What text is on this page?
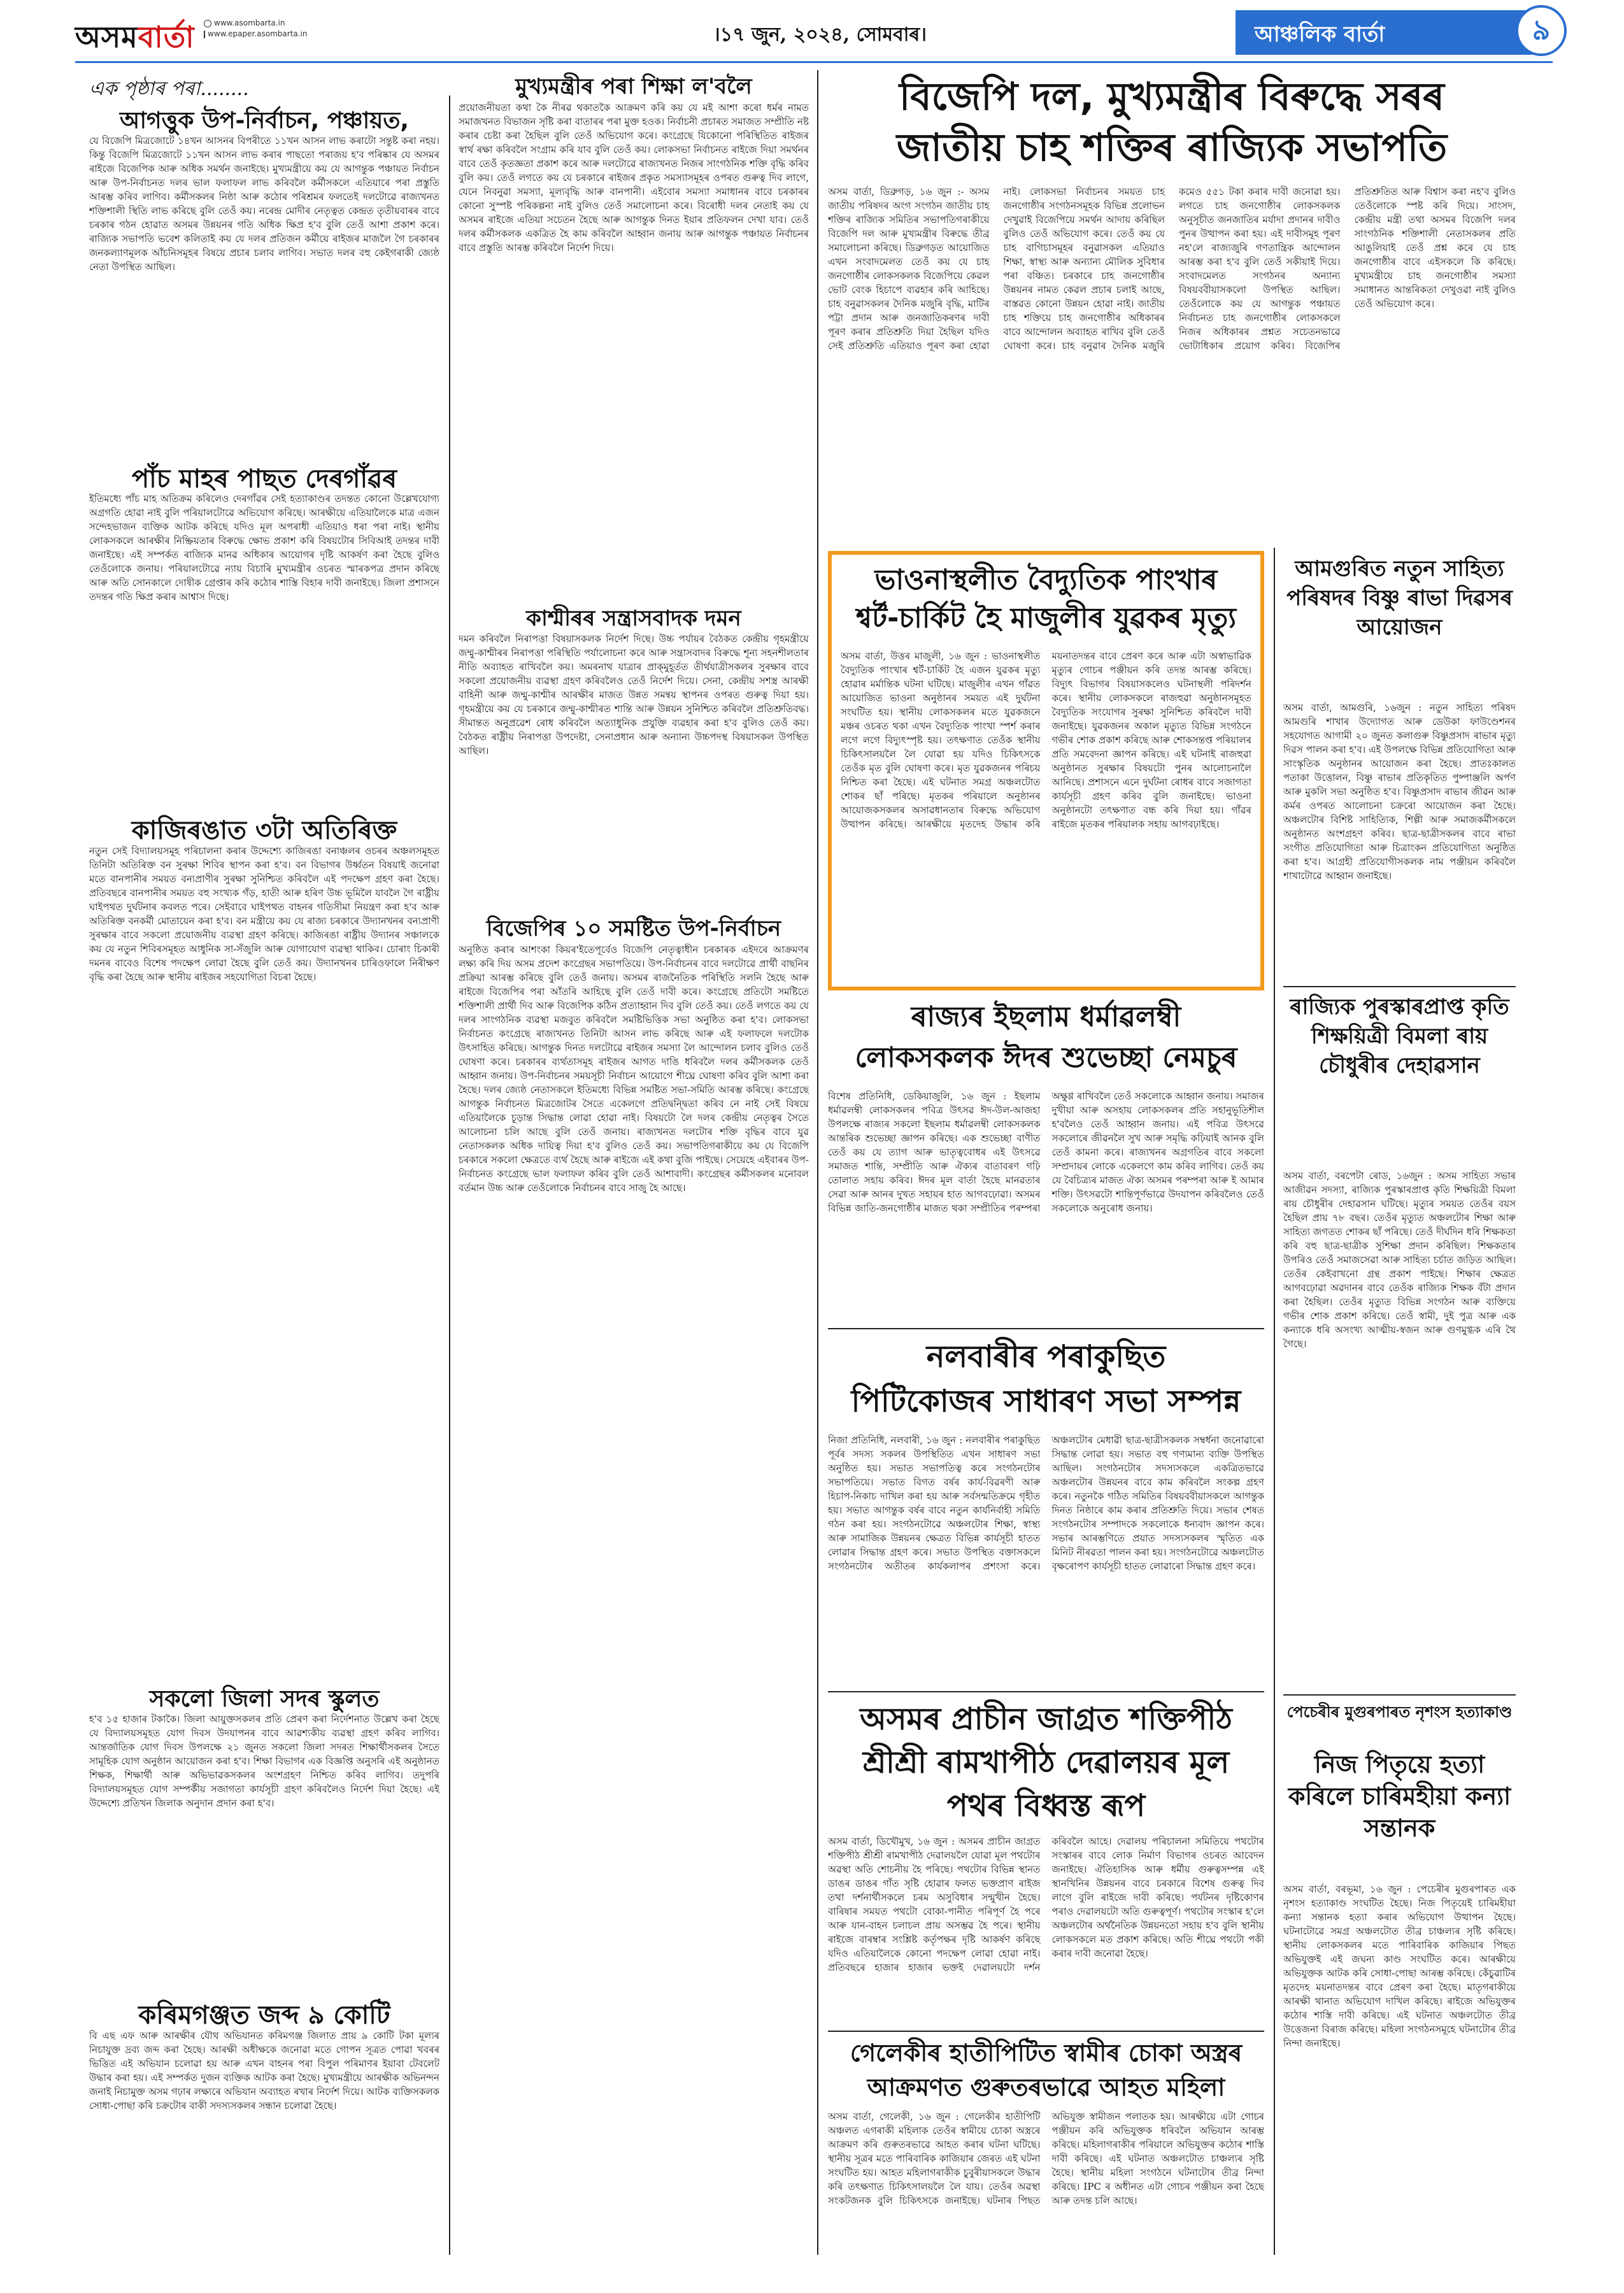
অসমবাৰ্তা	www.asombarta.in
www.epaper.asombarta.in	।১৭ জুন, ২০২৪, সোমবাৰ।	আঞ্চলিক বাৰ্তা	৯
এক পৃষ্ঠাৰ পৰা........
আগত্তুক উপ-নিৰ্বাচন, পঞ্চায়ত,
যে বিজেপি মিত্ৰজোটে ১৪খন আসনৰ বিপৰীতে ১১খন আসন লাভ কৰাটো সন্তুষ্ট কৰা নহয়। কিন্তু বিজেপি মিত্ৰজোটে ১১খন আসন লাভ কৰাৰ পাছতো পৰাজয় হ'ব পৰিষ্কাৰ যে অসমৰ ৰাইজে বিজেপিক আৰু অধিক সমৰ্থন জনাইছে। মুখ্যমন্ত্ৰীয়ে কয় যে আগন্তুক পঞ্চায়ত নিৰ্বাচন আৰু উপ-নিৰ্বাচনত দলৰ ভাল ফলাফল লাভ কৰিবলৈ কৰ্মীসকলে এতিয়াৰে পৰা প্ৰস্তুতি আৰম্ভ কৰিব লাগিব। কৰ্মীসকলৰ নিষ্ঠা আৰু কঠোৰ পৰিশ্ৰমৰ ফলতেই দলটোৱে ৰাজ্যখনত শক্তিশালী স্থিতি লাভ কৰিছে বুলি তেওঁ কয়। নৰেন্দ্ৰ মোদীৰ নেতৃত্বত কেন্দ্ৰত তৃতীয়বাৰৰ বাবে চৰকাৰ গঠন হোৱাত অসমৰ উন্নয়নৰ গতি অধিক ক্ষিপ্ৰ হ'ব বুলি তেওঁ আশা প্ৰকাশ কৰে। ৰাজ্যিক সভাপতি ভবেশ কলিতাই কয় যে দলৰ প্ৰতিজন কৰ্মীয়ে ৰাইজৰ মাজলৈ গৈ চৰকাৰৰ জনকল্যাণমূলক আঁচনিসমূহৰ বিষয়ে প্ৰচাৰ চলাব লাগিব। সভাত দলৰ বহু কেইগৰাকী জ্যেষ্ঠ নেতা উপস্থিত আছিল।
পাঁচ মাহৰ পাছত দেৰগাঁৱৰ
ইতিমধ্যে পাঁচ মাহ অতিক্ৰম কৰিলেও দেৰগাঁৱৰ সেই হত্যাকাণ্ডৰ তদন্তত কোনো উল্লেখযোগ্য অগ্ৰগতি হোৱা নাই বুলি পৰিয়ালটোৱে অভিযোগ কৰিছে। আৰক্ষীয়ে এতিয়ালৈকে মাত্ৰ এজন সন্দেহভাজন ব্যক্তিক আটক কৰিছে যদিও মূল অপৰাধী এতিয়াও ধৰা পৰা নাই। স্থানীয় লোকসকলে আৰক্ষীৰ নিষ্ক্ৰিয়তাৰ বিৰুদ্ধে ক্ষোভ প্ৰকাশ কৰি বিষয়টোৰ সিবিআই তদন্তৰ দাবী জনাইছে। এই সম্পৰ্কত ৰাজ্যিক মানৱ অধিকাৰ আয়োগৰ দৃষ্টি আকৰ্ষণ কৰা হৈছে বুলিও তেওঁলোকে জনায়। পৰিয়ালটোৱে ন্যায় বিচাৰি মুখ্যমন্ত্ৰীৰ ওচৰত স্মাৰকপত্ৰ প্ৰদান কৰিছে আৰু অতি সোনকালে দোষীক গ্ৰেপ্তাৰ কৰি কঠোৰ শাস্তি বিহাৰ দাবী জনাইছে। জিলা প্ৰশাসনে তদন্তৰ গতি ক্ষিপ্ৰ কৰাৰ আশ্বাস দিছে।
কাজিৰঙাত ৩টা অতিৰিক্ত
নতুন সেই বিদ্যালয়সমূহ পৰিচালনা কৰাৰ উদ্দেশ্যে কাজিৰঙা বনাঞ্চলৰ ওচৰৰ অঞ্চলসমূহত তিনিটা অতিৰিক্ত বন সুৰক্ষা শিবিৰ স্থাপন কৰা হ'ব। বন বিভাগৰ উৰ্ধ্বতন বিষয়াই জনোৱা মতে বানপানীৰ সময়ত বন্যপ্ৰাণীৰ সুৰক্ষা সুনিশ্চিত কৰিবলৈ এই পদক্ষেপ গ্ৰহণ কৰা হৈছে। প্ৰতিবছৰে বানপানীৰ সময়ত বহু সংখ্যক গঁড়, হাতী আৰু হৰিণ উচ্চ ভূমিলৈ যাবলৈ গৈ ৰাষ্ট্ৰীয় ঘাইপথত দুৰ্ঘটনাৰ কবলত পৰে। সেইবাবে ঘাইপথত বাহনৰ গতিসীমা নিয়ন্ত্ৰণ কৰা হ'ব আৰু অতিৰিক্ত বনকৰ্মী মোতায়েন কৰা হ'ব। বন মন্ত্ৰীয়ে কয় যে ৰাজ্য চৰকাৰে উদ্যানখনৰ বন্যপ্ৰাণী সুৰক্ষাৰ বাবে সকলো প্ৰয়োজনীয় ব্যৱস্থা গ্ৰহণ কৰিছে। কাজিৰঙা ৰাষ্ট্ৰীয় উদ্যানৰ সঞ্চালকে কয় যে নতুন শিবিৰসমূহত আধুনিক সা-সঁজুলি আৰু যোগাযোগ ব্যৱস্থা থাকিব। চোৰাং চিকাৰী দমনৰ বাবেও বিশেষ পদক্ষেপ লোৱা হৈছে বুলি তেওঁ কয়। উদ্যানখনৰ চাৰিওফালে নিৰীক্ষণ বৃদ্ধি কৰা হৈছে আৰু স্থানীয় ৰাইজৰ সহযোগিতা বিচৰা হৈছে।
সকলো জিলা সদৰ স্কুলত
হ'ব ১৫ হাজাৰ টকাকৈ। জিলা আয়ুক্তসকলৰ প্ৰতি প্ৰেৰণ কৰা নিৰ্দেশনাত উল্লেখ কৰা হৈছে যে বিদ্যালয়সমূহত যোগ দিবস উদযাপনৰ বাবে আৱশ্যকীয় ব্যৱস্থা গ্ৰহণ কৰিব লাগিব। আন্তৰ্জাতিক যোগ দিবস উপলক্ষে ২১ জুনত সকলো জিলা সদৰত শিক্ষাৰ্থীসকলৰ সৈতে সামূহিক যোগ অনুষ্ঠান আয়োজন কৰা হ'ব। শিক্ষা বিভাগৰ এক বিজ্ঞপ্তি অনুসৰি এই অনুষ্ঠানত শিক্ষক, শিক্ষাৰ্থী আৰু অভিভাৱকসকলৰ অংশগ্ৰহণ নিশ্চিত কৰিব লাগিব। তদুপৰি বিদ্যালয়সমূহত যোগ সম্পৰ্কীয় সজাগতা কাৰ্যসূচী গ্ৰহণ কৰিবলৈও নিৰ্দেশ দিয়া হৈছে। এই উদ্দেশ্যে প্ৰতিখন জিলাক অনুদান প্ৰদান কৰা হ'ব।
কৰিমগঞ্জত জব্দ ৯ কোটি
বি এছ এফ আৰু আৰক্ষীৰ যৌথ অভিযানত কৰিমগঞ্জ জিলাত প্ৰায় ৯ কোটি টকা মূল্যৰ নিচাযুক্ত দ্ৰব্য জব্দ কৰা হৈছে। আৰক্ষী অধীক্ষকে জনোৱা মতে গোপন সূত্ৰত পোৱা খবৰৰ ভিত্তিত এই অভিযান চলোৱা হয় আৰু এখন বাহনৰ পৰা বিপুল পৰিমাণৰ ইয়াবা টেবলেট উদ্ধাৰ কৰা হয়। এই সম্পৰ্কত দুজন ব্যক্তিক আটক কৰা হৈছে। মুখ্যমন্ত্ৰীয়ে আৰক্ষীক অভিনন্দন জনাই নিচামুক্ত অসম গঢ়াৰ লক্ষ্যৰে অভিযান অব্যাহত ৰখাৰ নিৰ্দেশ দিয়ে। আটক ব্যক্তিসকলক সোধা-পোছা কৰি চক্ৰটোৰ বাকী সদস্যসকলৰ সন্ধান চলোৱা হৈছে।
মুখ্যমন্ত্ৰীৰ পৰা শিক্ষা ল'বলৈ
প্ৰয়োজনীয়তা কথা কৈ নীৰৱ থকাতকৈ আক্ৰমণ কৰি কয় যে মই আশা কৰো ধৰ্মৰ নামত সমাজখনত বিভাজন সৃষ্টি কৰা বাতাৰৰ পৰা মুক্ত হওক। নিৰ্বাচনী প্ৰচাৰত সমাজত সম্প্ৰীতি নষ্ট কৰাৰ চেষ্টা কৰা হৈছিল বুলি তেওঁ অভিযোগ কৰে। কংগ্ৰেছে যিকোনো পৰিস্থিতিত ৰাইজৰ স্বাৰ্থ ৰক্ষা কৰিবলৈ সংগ্ৰাম কৰি যাব বুলি তেওঁ কয়। লোকসভা নিৰ্বাচনত ৰাইজে দিয়া সমৰ্থনৰ বাবে তেওঁ কৃতজ্ঞতা প্ৰকাশ কৰে আৰু দলটোৱে ৰাজ্যখনত নিজৰ সাংগঠনিক শক্তি বৃদ্ধি কৰিব বুলি কয়। তেওঁ লগতে কয় যে চৰকাৰে ৰাইজৰ প্ৰকৃত সমস্যাসমূহৰ ওপৰত গুৰুত্ব দিব লাগে, যেনে নিবনুৱা সমস্যা, মূল্যবৃদ্ধি আৰু বানপানী। এইবোৰ সমস্যা সমাধানৰ বাবে চৰকাৰৰ কোনো সুস্পষ্ট পৰিকল্পনা নাই বুলিও তেওঁ সমালোচনা কৰে। বিৰোধী দলৰ নেতাই কয় যে অসমৰ ৰাইজে এতিয়া সচেতন হৈছে আৰু আগন্তুক দিনত ইয়াৰ প্ৰতিফলন দেখা যাব। তেওঁ দলৰ কৰ্মীসকলক একত্ৰিত হৈ কাম কৰিবলৈ আহ্বান জনায় আৰু আগন্তুক পঞ্চায়ত নিৰ্বাচনৰ বাবে প্ৰস্তুতি আৰম্ভ কৰিবলৈ নিৰ্দেশ দিয়ে।
কাশ্মীৰৰ সন্ত্ৰাসবাদক দমন
দমন কৰিবলৈ নিৰাপত্তা বিষয়াসকলক নিৰ্দেশ দিছে। উচ্চ পৰ্যায়ৰ বৈঠকত কেন্দ্ৰীয় গৃহমন্ত্ৰীয়ে জম্মু-কাশ্মীৰৰ নিৰাপত্তা পৰিস্থিতি পৰ্যালোচনা কৰে আৰু সন্ত্ৰাসবাদৰ বিৰুদ্ধে শূন্য সহনশীলতাৰ নীতি অব্যাহত ৰাখিবলৈ কয়। অমৰনাথ যাত্ৰাৰ প্ৰাক্‌মুহূৰ্তত তীৰ্থযাত্ৰীসকলৰ সুৰক্ষাৰ বাবে সকলো প্ৰয়োজনীয় ব্যৱস্থা গ্ৰহণ কৰিবলৈও তেওঁ নিৰ্দেশ দিয়ে। সেনা, কেন্দ্ৰীয় সশস্ত্ৰ আৰক্ষী বাহিনী আৰু জম্মু-কাশ্মীৰ আৰক্ষীৰ মাজত উন্নত সমন্বয় স্থাপনৰ ওপৰত গুৰুত্ব দিয়া হয়। গৃহমন্ত্ৰীয়ে কয় যে চৰকাৰে জম্মু-কাশ্মীৰত শান্তি আৰু উন্নয়ন সুনিশ্চিত কৰিবলৈ প্ৰতিশ্ৰুতিবদ্ধ। সীমান্তত অনুপ্ৰৱেশ ৰোধ কৰিবলৈ অত্যাধুনিক প্ৰযুক্তি ব্যৱহাৰ কৰা হ'ব বুলিও তেওঁ কয়। বৈঠকত ৰাষ্ট্ৰীয় নিৰাপত্তা উপদেষ্টা, সেনাপ্ৰধান আৰু অন্যান্য উচ্চপদস্থ বিষয়াসকল উপস্থিত আছিল।
বিজেপিৰ ১০ সমষ্টিত উপ-নিৰ্বাচন
অনুষ্ঠিত কৰাৰ আশংকা কিয়ৰ'ইতেপূৰ্বেও বিজেপি নেতৃত্বাধীন চৰকাৰক এইদৰে আক্ৰমণৰ লক্ষ্য কৰি দিয় অসম প্ৰদেশ কংগ্ৰেছৰ সভাপতিয়ে। উপ-নিৰ্বাচনৰ বাবে দলটোৱে প্ৰাৰ্থী বাছনিৰ প্ৰক্ৰিয়া আৰম্ভ কৰিছে বুলি তেওঁ জনায়। অসমৰ ৰাজনৈতিক পৰিস্থিতি সলনি হৈছে আৰু ৰাইজে বিজেপিৰ পৰা আঁতৰি আহিছে বুলি তেওঁ দাবী কৰে। কংগ্ৰেছে প্ৰতিটো সমষ্টিতে শক্তিশালী প্ৰাৰ্থী দিব আৰু বিজেপিক কঠিন প্ৰত্যাহ্বান দিব বুলি তেওঁ কয়। তেওঁ লগতে কয় যে দলৰ সাংগঠনিক ব্যৱস্থা মজবুত কৰিবলৈ সমষ্টিভিত্তিক সভা অনুষ্ঠিত কৰা হ'ব। লোকসভা নিৰ্বাচনত কংগ্ৰেছে ৰাজ্যখনত তিনিটা আসন লাভ কৰিছে আৰু এই ফলাফলে দলটোক উৎসাহিত কৰিছে। আগন্তুক দিনত দলটোৱে ৰাইজৰ সমস্যা লৈ আন্দোলন চলাব বুলিও তেওঁ ঘোষণা কৰে। চৰকাৰৰ ব্যৰ্থতাসমূহ ৰাইজৰ আগত দাঙি ধৰিবলৈ দলৰ কৰ্মীসকলক তেওঁ আহ্বান জনায়। উপ-নিৰ্বাচনৰ সময়সূচী নিৰ্বাচন আয়োগে শীঘ্ৰে ঘোষণা কৰিব বুলি আশা কৰা হৈছে। দলৰ জ্যেষ্ঠ নেতাসকলে ইতিমধ্যে বিভিন্ন সমষ্টিত সভা-সমিতি আৰম্ভ কৰিছে। কংগ্ৰেছে আগন্তুক নিৰ্বাচনত মিত্ৰজোটৰ সৈতে একেলগে প্ৰতিদ্বন্দ্বিতা কৰিব নে নাই সেই বিষয়ে এতিয়ালৈকে চূড়ান্ত সিদ্ধান্ত লোৱা হোৱা নাই। বিষয়টো লৈ দলৰ কেন্দ্ৰীয় নেতৃত্বৰ সৈতে আলোচনা চলি আছে বুলি তেওঁ জনায়। ৰাজ্যখনত দলটোৰ শক্তি বৃদ্ধিৰ বাবে যুৱ নেতাসকলক অধিক দায়িত্ব দিয়া হ'ব বুলিও তেওঁ কয়। সভাপতিগৰাকীয়ে কয় যে বিজেপি চৰকাৰে সকলো ক্ষেত্ৰতে ব্যৰ্থ হৈছে আৰু ৰাইজে এই কথা বুজি পাইছে। সেয়েহে এইবাৰৰ উপ-নিৰ্বাচনত কংগ্ৰেছে ভাল ফলাফল কৰিব বুলি তেওঁ আশাবাদী। কংগ্ৰেছৰ কৰ্মীসকলৰ মনোবল বৰ্তমান উচ্চ আৰু তেওঁলোকে নিৰ্বাচনৰ বাবে সাজু হৈ আছে।
বিজেপি দল, মুখ্যমন্ত্ৰীৰ বিৰুদ্ধে সৰৰ
জাতীয় চাহ শক্তিৰ ৰাজ্যিক সভাপতি
অসম বাৰ্তা, ডিব্ৰুগড়, ১৬ জুন :- অসম জাতীয় পৰিষদৰ অংগ সংগঠন জাতীয় চাহ শক্তিৰ ৰাজ্যিক সমিতিৰ সভাপতিগৰাকীয়ে বিজেপি দল আৰু মুখ্যমন্ত্ৰীৰ বিৰুদ্ধে তীব্ৰ সমালোচনা কৰিছে। ডিব্ৰুগড়ত আয়োজিত এখন সংবাদমেলত তেওঁ কয় যে চাহ জনগোষ্ঠীৰ লোকসকলক বিজেপিয়ে কেৱল ভোট বেংক হিচাপে ব্যৱহাৰ কৰি আহিছে। চাহ বনুৱাসকলৰ দৈনিক মজুৰি বৃদ্ধি, মাটিৰ পট্টা প্ৰদান আৰু জনজাতিকৰণৰ দাবী পূৰণ কৰাৰ প্ৰতিশ্ৰুতি দিয়া হৈছিল যদিও সেই প্ৰতিশ্ৰুতি এতিয়াও পূৰণ কৰা হোৱা নাই। লোকসভা নিৰ্বাচনৰ সময়ত চাহ জনগোষ্ঠীৰ সংগঠনসমূহক বিভিন্ন প্ৰলোভন দেখুৱাই বিজেপিয়ে সমৰ্থন আদায় কৰিছিল বুলিও তেওঁ অভিযোগ কৰে। তেওঁ কয় যে চাহ বাগিচাসমূহৰ বনুৱাসকল এতিয়াও শিক্ষা, স্বাস্থ্য আৰু অন্যান্য মৌলিক সুবিধাৰ পৰা বঞ্চিত। চৰকাৰে চাহ জনগোষ্ঠীৰ উন্নয়নৰ নামত কেৱল প্ৰচাৰ চলাই আছে, বাস্তৱত কোনো উন্নয়ন হোৱা নাই। জাতীয় চাহ শক্তিয়ে চাহ জনগোষ্ঠীৰ অধিকাৰৰ বাবে আন্দোলন অব্যাহত ৰাখিব বুলি তেওঁ ঘোষণা কৰে। চাহ বনুৱাৰ দৈনিক মজুৰি কমেও ৫৫১ টকা কৰাৰ দাবী জনোৱা হয়। লগতে চাহ জনগোষ্ঠীৰ লোকসকলক অনুসূচীত জনজাতিৰ মৰ্যাদা প্ৰদানৰ দাবীও পুনৰ উত্থাপন কৰা হয়। এই দাবীসমূহ পূৰণ নহ'লে ৰাজ্যজুৰি গণতান্ত্ৰিক আন্দোলন আৰম্ভ কৰা হ'ব বুলি তেওঁ সকীয়াই দিয়ে। সংবাদমেলত সংগঠনৰ অন্যান্য বিষয়ববীয়াসকলো উপস্থিত আছিল। তেওঁলোকে কয় যে আগন্তুক পঞ্চায়ত নিৰ্বাচনত চাহ জনগোষ্ঠীৰ লোকসকলে নিজৰ অধিকাৰৰ প্ৰশ্নত সচেতনভাৱে ভোটাধিকাৰ প্ৰয়োগ কৰিব। বিজেপিৰ প্ৰতিশ্ৰুতিত আৰু বিশ্বাস কৰা নহ'ব বুলিও তেওঁলোকে স্পষ্ট কৰি দিয়ে। সাংসদ, কেন্দ্ৰীয় মন্ত্ৰী তথা অসমৰ বিজেপি দলৰ সাংগঠনিক শক্তিশালী নেতাসকলৰ প্ৰতি আঙুলিয়াই তেওঁ প্ৰশ্ন কৰে যে চাহ জনগোষ্ঠীৰ বাবে এইসকলে কি কৰিছে। মুখ্যমন্ত্ৰীয়ে চাহ জনগোষ্ঠীৰ সমস্যা সমাধানত আন্তৰিকতা দেখুওৱা নাই বুলিও তেওঁ অভিযোগ কৰে।
ভাওনাস্থলীত বৈদ্যুতিক পাংখাৰ
শ্বৰ্ট-চাৰ্কিট হৈ মাজুলীৰ যুৱকৰ মৃত্যু
অসম বাৰ্তা, উত্তৰ মাজুলী, ১৬ জুন : ভাওনাস্থলীত বৈদ্যুতিক পাংখাৰ শ্বৰ্ট-চাৰ্কিট হৈ এজন যুৱকৰ মৃত্যু হোৱাৰ মৰ্মান্তিক ঘটনা ঘটিছে। মাজুলীৰ এখন গাঁৱত আয়োজিত ভাওনা অনুষ্ঠানৰ সময়ত এই দুৰ্ঘটনা সংঘটিত হয়। স্থানীয় লোকসকলৰ মতে যুৱকজনে মঞ্চৰ ওচৰত থকা এখন বৈদ্যুতিক পাংখা স্পৰ্শ কৰাৰ লগে লগে বিদ্যুৎস্পৃষ্ট হয়। তৎক্ষণাত তেওঁক স্থানীয় চিকিৎসালয়লৈ লৈ যোৱা হয় যদিও চিকিৎসকে তেওঁক মৃত বুলি ঘোষণা কৰে। মৃত যুৱকজনৰ পৰিচয় নিশ্চিত কৰা হৈছে। এই ঘটনাত সমগ্ৰ অঞ্চলটোত শোকৰ ছাঁ পৰিছে। মৃতকৰ পৰিয়ালে অনুষ্ঠানৰ আয়োজকসকলৰ অসাৱধানতাৰ বিৰুদ্ধে অভিযোগ উত্থাপন কৰিছে। আৰক্ষীয়ে মৃতদেহ উদ্ধাৰ কৰি ময়নাতদন্তৰ বাবে প্ৰেৰণ কৰে আৰু এটা অস্বাভাৱিক মৃত্যুৰ গোচৰ পঞ্জীয়ন কৰি তদন্ত আৰম্ভ কৰিছে। বিদ্যুৎ বিভাগৰ বিষয়াসকলেও ঘটনাস্থলী পৰিদৰ্শন কৰে। স্থানীয় লোকসকলে ৰাজহুৱা অনুষ্ঠানসমূহত বৈদ্যুতিক সংযোগৰ সুৰক্ষা সুনিশ্চিত কৰিবলৈ দাবী জনাইছে। যুৱকজনৰ অকাল মৃত্যুত বিভিন্ন সংগঠনে গভীৰ শোক প্ৰকাশ কৰিছে আৰু শোকসন্তপ্ত পৰিয়ালৰ প্ৰতি সমবেদনা জ্ঞাপন কৰিছে। এই ঘটনাই ৰাজহুৱা অনুষ্ঠানত সুৰক্ষাৰ বিষয়টো পুনৰ আলোচনালৈ আনিছে। প্ৰশাসনে এনে দুৰ্ঘটনা ৰোধৰ বাবে সজাগতা কাৰ্যসূচী গ্ৰহণ কৰিব বুলি জনাইছে। ভাওনা অনুষ্ঠানটো তৎক্ষণাত বন্ধ কৰি দিয়া হয়। গাঁৱৰ ৰাইজে মৃতকৰ পৰিয়ালক সহায় আগবঢ়াইছে।
ৰাজ্যৰ ইছলাম ধৰ্মাৱলম্বী
লোকসকলক ঈদৰ শুভেচ্ছা নেমচুৰ
বিশেষ প্ৰতিনিধি, ডেকিয়াজুলি, ১৬ জুন : ইছলাম ধৰ্মাৱলম্বী লোকসকলৰ পবিত্ৰ উৎসৱ ঈদ-উল-আজহা উপলক্ষে ৰাজ্যৰ সকলো ইছলাম ধৰ্মাৱলম্বী লোকসকলক আন্তৰিক শুভেচ্ছা জ্ঞাপন কৰিছে। এক শুভেচ্ছা বাণীত তেওঁ কয় যে ত্যাগ আৰু ভাতৃত্ববোধৰ এই উৎসৱে সমাজত শান্তি, সম্প্ৰীতি আৰু ঐক্যৰ বাতাবৰণ গঢ়ি তোলাত সহায় কৰিব। ঈদৰ মূল বাৰ্তা হৈছে মানৱতাৰ সেৱা আৰু আনৰ দুখত সহায়ৰ হাত আগবঢ়োৱা। অসমৰ বিভিন্ন জাতি-জনগোষ্ঠীৰ মাজত থকা সম্প্ৰীতিৰ পৰম্পৰা অক্ষুণ্ণ ৰাখিবলৈ তেওঁ সকলোকে আহ্বান জনায়। সমাজৰ দুখীয়া আৰু অসহায় লোকসকলৰ প্ৰতি সহানুভূতিশীল হ'বলৈও তেওঁ আহ্বান জনায়। এই পবিত্ৰ উৎসৱে সকলোৰে জীৱনলৈ সুখ আৰু সমৃদ্ধি কঢ়িয়াই আনক বুলি তেওঁ কামনা কৰে। ৰাজ্যখনৰ অগ্ৰগতিৰ বাবে সকলো সম্প্ৰদায়ৰ লোকে একেলগে কাম কৰিব লাগিব। তেওঁ কয় যে বৈচিত্ৰ্যৰ মাজত ঐক্য অসমৰ পৰম্পৰা আৰু ই আমাৰ শক্তি। উৎসৱটো শান্তিপূৰ্ণভাৱে উদযাপন কৰিবলৈও তেওঁ সকলোকে অনুৰোধ জনায়।
নলবাৰীৰ পৰাকুছিত
পিটিকোজৰ সাধাৰণ সভা সম্পন্ন
নিজা প্ৰতিনিধি, নলবাৰী, ১৬ জুন : নলবাৰীৰ পৰাকুছিত পূৰ্বৰ সদস্য সকলৰ উপস্থিতিত এখন সাধাৰণ সভা অনুষ্ঠিত হয়। সভাত সভাপতিত্ব কৰে সংগঠনটোৰ সভাপতিয়ে। সভাত বিগত বৰ্ষৰ কাৰ্য-বিৱৰণী আৰু হিচাপ-নিকাচ দাখিল কৰা হয় আৰু সৰ্বসন্মতিক্ৰমে গৃহীত হয়। সভাত আগন্তুক বৰ্ষৰ বাবে নতুন কাৰ্যনিৰ্বাহী সমিতি গঠন কৰা হয়। সংগঠনটোৱে অঞ্চলটোৰ শিক্ষা, স্বাস্থ্য আৰু সামাজিক উন্নয়নৰ ক্ষেত্ৰত বিভিন্ন কাৰ্যসূচী হাতত লোৱাৰ সিদ্ধান্ত গ্ৰহণ কৰে। সভাত উপস্থিত বক্তাসকলে সংগঠনটোৰ অতীতৰ কাৰ্যকলাপৰ প্ৰশংসা কৰে। অঞ্চলটোৰ মেধাৱী ছাত্ৰ-ছাত্ৰীসকলক সম্বৰ্ধনা জনোৱাৰো সিদ্ধান্ত লোৱা হয়। সভাত বহু গণ্যমান্য ব্যক্তি উপস্থিত আছিল। সংগঠনটোৰ সদস্যসকলে একত্ৰিতভাৱে অঞ্চলটোৰ উন্নয়নৰ বাবে কাম কৰিবলৈ সংকল্প গ্ৰহণ কৰে। নতুনকৈ গঠিত সমিতিৰ বিষয়ববীয়াসকলে আগন্তুক দিনত নিষ্ঠাৰে কাম কৰাৰ প্ৰতিশ্ৰুতি দিয়ে। সভাৰ শেষত সংগঠনটোৰ সম্পাদকে সকলোকে ধন্যবাদ জ্ঞাপন কৰে। সভাৰ আৰম্ভণিতে প্ৰয়াত সদস্যসকলৰ স্মৃতিত এক মিনিট নীৰৱতা পালন কৰা হয়। সংগঠনটোৱে অঞ্চলটোত বৃক্ষৰোপণ কাৰ্যসূচী হাতত লোৱাৰো সিদ্ধান্ত গ্ৰহণ কৰে।
অসমৰ প্ৰাচীন জাগ্ৰত শক্তিপীঠ
শ্ৰীশ্ৰী ৰামখাপীঠ দেৱালয়ৰ মূল
পথৰ বিধ্বস্ত ৰূপ
অসম বাৰ্তা, ডিখৌমুখ, ১৬ জুন : অসমৰ প্ৰাচীন জাগ্ৰত শক্তিপীঠ শ্ৰীশ্ৰী ৰামখাপীঠ দেৱালয়লৈ যোৱা মূল পথটোৰ অৱস্থা অতি শোচনীয় হৈ পৰিছে। পথটোৰ বিভিন্ন স্থানত ডাঙৰ ডাঙৰ গাঁত সৃষ্টি হোৱাৰ ফলত ভক্তপ্ৰাণ ৰাইজ তথা দৰ্শনাৰ্থীসকলে চৰম অসুবিধাৰ সন্মুখীন হৈছে। বাৰিষাৰ সময়ত পথটো বোকা-পানীত পৰিপূৰ্ণ হৈ পৰে আৰু যান-বাহন চলাচল প্ৰায় অসম্ভৱ হৈ পৰে। স্থানীয় ৰাইজে বাৰম্বাৰ সংশ্লিষ্ট কৰ্তৃপক্ষৰ দৃষ্টি আকৰ্ষণ কৰিছে যদিও এতিয়ালৈকে কোনো পদক্ষেপ লোৱা হোৱা নাই। প্ৰতিবছৰে হাজাৰ হাজাৰ ভক্তই দেৱালয়টো দৰ্শন কৰিবলৈ আহে। দেৱালয় পৰিচালনা সমিতিয়ে পথটোৰ সংস্কাৰৰ বাবে লোক নিৰ্মাণ বিভাগৰ ওচৰত আবেদন জনাইছে। ঐতিহাসিক আৰু ধৰ্মীয় গুৰুত্বসম্পন্ন এই স্থানখিনিৰ উন্নয়নৰ বাবে চৰকাৰে বিশেষ গুৰুত্ব দিব লাগে বুলি ৰাইজে দাবী কৰিছে। পৰ্যটনৰ দৃষ্টিকোণৰ পৰাও দেৱালয়টো অতি গুৰুত্বপূৰ্ণ। পথটোৰ সংস্কাৰ হ'লে অঞ্চলটোৰ অৰ্থনৈতিক উন্নয়নতো সহায় হ'ব বুলি স্থানীয় লোকসকলে মত প্ৰকাশ কৰিছে। অতি শীঘ্ৰে পথটো পকী কৰাৰ দাবী জনোৱা হৈছে।
গেলেকীৰ হাতীপিটিত স্বামীৰ চোকা অস্ত্ৰৰ
আক্ৰমণত গুৰুতৰভাৱে আহত মহিলা
অসম বাৰ্তা, গেলেকী, ১৬ জুন : গেলেকীৰ হাতীপিটি অঞ্চলত এগৰাকী মহিলাক তেওঁৰ স্বামীয়ে চোকা অস্ত্ৰৰে আক্ৰমণ কৰি গুৰুতৰভাৱে আহত কৰাৰ ঘটনা ঘটিছে। স্থানীয় সূত্ৰৰ মতে পাৰিবাৰিক কাজিয়াৰ জেৰত এই ঘটনা সংঘটিত হয়। আহত মহিলাগৰাকীক চুবুৰীয়াসকলে উদ্ধাৰ কৰি তৎক্ষণাত চিকিৎসালয়লৈ লৈ যায়। তেওঁৰ অৱস্থা সংকটজনক বুলি চিকিৎসকে জনাইছে। ঘটনাৰ পিছত অভিযুক্ত স্বামীজন পলাতক হয়। আৰক্ষীয়ে এটা গোচৰ পঞ্জীয়ন কৰি অভিযুক্তক ধৰিবলৈ অভিযান আৰম্ভ কৰিছে। মহিলাগৰাকীৰ পৰিয়ালে অভিযুক্তৰ কঠোৰ শাস্তি দাবী কৰিছে। এই ঘটনাত অঞ্চলটোত চাঞ্চল্যৰ সৃষ্টি হৈছে। স্থানীয় মহিলা সংগঠনে ঘটনাটোৰ তীব্ৰ নিন্দা কৰিছে। IPC ৰ অধীনত এটা গোচৰ পঞ্জীয়ন কৰা হৈছে আৰু তদন্ত চলি আছে।
আমগুৰিত নতুন সাহিত্য পৰিষদৰ বিষ্ণু ৰাভা দিৱসৰ আয়োজন
অসম বাৰ্তা, আমগুৰি, ১৬জুন : নতুন সাহিত্য পৰিষদ আমগুৰি শাখাৰ উদ্যোগত আৰু ডেউকা ফাউণ্ডেশনৰ সহযোগত আগামী ২০ জুনত কলাগুৰু বিষ্ণুপ্ৰসাদ ৰাভাৰ মৃত্যু দিৱস পালন কৰা হ'ব। এই উপলক্ষে বিভিন্ন প্ৰতিযোগিতা আৰু সাংস্কৃতিক অনুষ্ঠানৰ আয়োজন কৰা হৈছে। প্ৰাতঃকালত পতাকা উত্তোলন, বিষ্ণু ৰাভাৰ প্ৰতিকৃতিত পুষ্পাঞ্জলি অৰ্পণ আৰু মুকলি সভা অনুষ্ঠিত হ'ব। বিষ্ণুপ্ৰসাদ ৰাভাৰ জীৱন আৰু কৰ্মৰ ওপৰত আলোচনা চক্ৰৰো আয়োজন কৰা হৈছে। অঞ্চলটোৰ বিশিষ্ট সাহিত্যিক, শিল্পী আৰু সমাজকৰ্মীসকলে অনুষ্ঠানত অংশগ্ৰহণ কৰিব। ছাত্ৰ-ছাত্ৰীসকলৰ বাবে ৰাভা সংগীত প্ৰতিযোগিতা আৰু চিত্ৰাংকন প্ৰতিযোগিতা অনুষ্ঠিত কৰা হ'ব। আগ্ৰহী প্ৰতিযোগীসকলক নাম পঞ্জীয়ন কৰিবলৈ শাখাটোৱে আহ্বান জনাইছে।
ৰাজ্যিক পুৰস্কাৰপ্ৰাপ্ত কৃতি শিক্ষয়িত্ৰী বিমলা ৰায় চৌধুৰীৰ দেহাৱসান
অসম বাৰ্তা, বৰপেটা ৰোড, ১৬জুন : অসম সাহিত্য সভাৰ আজীৱন সদস্যা, ৰাজ্যিক পুৰস্কাৰপ্ৰাপ্ত কৃতি শিক্ষয়িত্ৰী বিমলা ৰায় চৌধুৰীৰ দেহাৱসান ঘটিছে। মৃত্যুৰ সময়ত তেওঁৰ বয়স হৈছিল প্ৰায় ৭৮ বছৰ। তেওঁৰ মৃত্যুত অঞ্চলটোৰ শিক্ষা আৰু সাহিত্য জগতত শোকৰ ছাঁ পৰিছে। তেওঁ দীৰ্ঘদিন ধৰি শিক্ষকতা কৰি বহু ছাত্ৰ-ছাত্ৰীক সুশিক্ষা প্ৰদান কৰিছিল। শিক্ষকতাৰ উপৰিও তেওঁ সমাজসেৱা আৰু সাহিত্য চৰ্চাত জড়িত আছিল। তেওঁৰ কেইবাখনো গ্ৰন্থ প্ৰকাশ পাইছে। শিক্ষাৰ ক্ষেত্ৰত আগবঢ়োৱা অৱদানৰ বাবে তেওঁক ৰাজ্যিক শিক্ষক বঁটা প্ৰদান কৰা হৈছিল। তেওঁৰ মৃত্যুত বিভিন্ন সংগঠন আৰু ব্যক্তিয়ে গভীৰ শোক প্ৰকাশ কৰিছে। তেওঁ স্বামী, দুই পুত্ৰ আৰু এক কন্যাকে ধৰি অসংখ্য আত্মীয়-স্বজন আৰু গুণমুগ্ধক এৰি থৈ গৈছে।
পেচেৰীৰ মুগুৰপাৰত নৃশংস হত্যাকাণ্ড
নিজ পিতৃয়ে হত্যা কৰিলে চাৰিমহীয়া কন্যা সন্তানক
অসম বাৰ্তা, বৰভূমা, ১৬ জুন : পেচেৰীৰ মুগুৰপাৰত এক নৃশংস হত্যাকাণ্ড সংঘটিত হৈছে। নিজ পিতৃয়েই চাৰিমহীয়া কন্যা সন্তানক হত্যা কৰাৰ অভিযোগ উত্থাপন হৈছে। ঘটনাটোৱে সমগ্ৰ অঞ্চলটোত তীব্ৰ চাঞ্চল্যৰ সৃষ্টি কৰিছে। স্থানীয় লোকসকলৰ মতে পাৰিবাৰিক কাজিয়াৰ পিছত অভিযুক্তই এই জঘন্য কাণ্ড সংঘটিত কৰে। আৰক্ষীয়ে অভিযুক্তক আটক কৰি সোধা-পোছা আৰম্ভ কৰিছে। কেঁচুৱাটিৰ মৃতদেহ ময়নাতদন্তৰ বাবে প্ৰেৰণ কৰা হৈছে। মাতৃগৰাকীয়ে আৰক্ষী থানাত অভিযোগ দাখিল কৰিছে। ৰাইজে অভিযুক্তৰ কঠোৰ শাস্তি দাবী কৰিছে। এই ঘটনাত অঞ্চলটোত তীব্ৰ উত্তেজনা বিৰাজ কৰিছে। মহিলা সংগঠনসমূহে ঘটনাটোৰ তীব্ৰ নিন্দা জনাইছে।
